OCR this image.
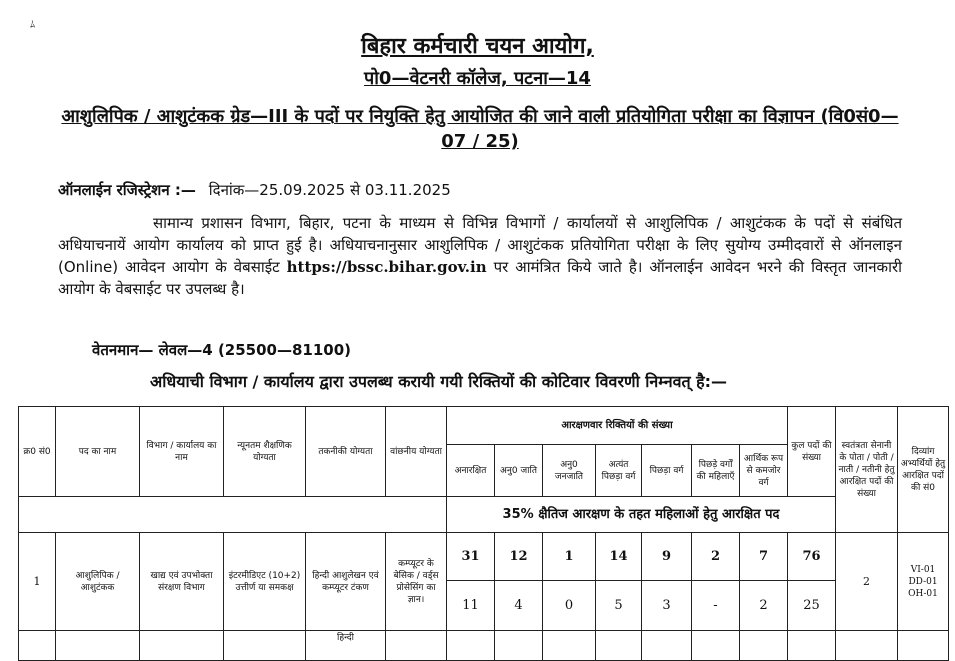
ﾑ
बिहार कर्मचारी चयन आयोग,
पो0—वेटनरी कॉलेज, पटना—14
आशुलिपिक / आशुटंकक ग्रेड—III के पदों पर नियुक्ति हेतु आयोजित की जाने वाली प्रतियोगिता परीक्षा का विज्ञापन (वि0सं0—07 / 25)
ऑनलाईन रजिस्ट्रेशन :— दिनांक—25.09.2025 से 03.11.2025
सामान्य प्रशासन विभाग, बिहार, पटना के माध्यम से विभिन्न विभागों / कार्यालयों से आशुलिपिक / आशुटंकक के पदों से संबंधित अधियाचनायें आयोग कार्यालय को प्राप्त हुई है। अधियाचनानुसार आशुलिपिक / आशुटंकक प्रतियोगिता परीक्षा के लिए सुयोग्य उम्मीदवारों से ऑनलाइन (Online) आवेदन आयोग के वेबसाईट https://bssc.bihar.gov.in पर आमंत्रित किये जाते है। ऑनलाईन आवेदन भरने की विस्तृत जानकारी आयोग के वेबसाईट पर उपलब्ध है।
वेतनमान— लेवल—4 (25500—81100)
अधियाची विभाग / कार्यालय द्वारा उपलब्ध करायी गयी रिक्तियों की कोटिवार विवरणी निम्नवत् है:—
क्र0 सं0	पद का नाम	विभाग / कार्यालय का नाम	न्यूनतम शैक्षणिक योग्यता	तकनीकी योग्यता	वांछनीय योग्यता	आरक्षणवार रिक्तियों की संख्या							कुल पदों की संख्या	स्वतंत्रता सेनानी के पोता / पोती / नाती / नतीनी हेतु आरक्षित पदों की संख्या	दिव्यांग अभ्यर्थियों हेतु आरक्षित पदों की सं0
						अनारक्षित	अनु0 जाति	अनु0 जनजाति	अत्यंत पिछड़ा वर्ग	पिछड़ा वर्ग	पिछड़े वर्गों की महिलाएँ	आर्थिक रूप से कमजोर वर्ग			
						35% क्षैतिज आरक्षण के तहत महिलाओं हेतु आरक्षित पद									
1	आशुलिपिक / आशुटंकक	खाद्य एवं उपभोक्ता संरक्षण विभाग	इंटरमीडिएट (10+2) उत्तीर्ण या समकक्ष	हिन्दी आशुलेखन एवं कम्प्यूटर टंकण	कम्प्यूटर के बेसिक / वर्ड्स प्रोसेसिंग का ज्ञान।	31	12	1	14	9	2	7	76	2	VI-01
DD-01
OH-01

						11	4	0	5	3	-	2	25		
				हिन्दी											
